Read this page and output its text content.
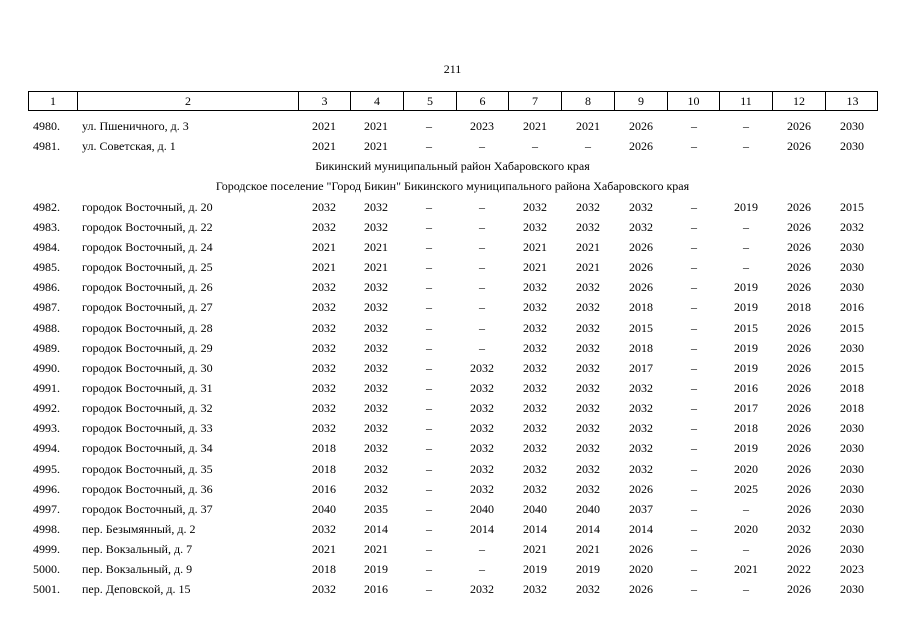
211
1	2	3	4	5	6	7	8	9	10	11	12	13
4980. ул. Пшеничного, д. 3	2021	2021	–	2023	2021	2021	2026	–	–	2026	2030
4981. ул. Советская, д. 1	2021	2021	–	–	–	–	2026	–	–	2026	2030
Бикинский муниципальный район Хабаровского края
Городское поселение "Город Бикин" Бикинского муниципального района Хабаровского края
4982. городок Восточный, д. 20	2032	2032	–	–	2032	2032	2032	–	2019	2026	2015
4983. городок Восточный, д. 22	2032	2032	–	–	2032	2032	2032	–	–	2026	2032
4984. городок Восточный, д. 24	2021	2021	–	–	2021	2021	2026	–	–	2026	2030
4985. городок Восточный, д. 25	2021	2021	–	–	2021	2021	2026	–	–	2026	2030
4986. городок Восточный, д. 26	2032	2032	–	–	2032	2032	2026	–	2019	2026	2030
4987. городок Восточный, д. 27	2032	2032	–	–	2032	2032	2018	–	2019	2018	2016
4988. городок Восточный, д. 28	2032	2032	–	–	2032	2032	2015	–	2015	2026	2015
4989. городок Восточный, д. 29	2032	2032	–	–	2032	2032	2018	–	2019	2026	2030
4990. городок Восточный, д. 30	2032	2032	–	2032	2032	2032	2017	–	2019	2026	2015
4991. городок Восточный, д. 31	2032	2032	–	2032	2032	2032	2032	–	2016	2026	2018
4992. городок Восточный, д. 32	2032	2032	–	2032	2032	2032	2032	–	2017	2026	2018
4993. городок Восточный, д. 33	2032	2032	–	2032	2032	2032	2032	–	2018	2026	2030
4994. городок Восточный, д. 34	2018	2032	–	2032	2032	2032	2032	–	2019	2026	2030
4995. городок Восточный, д. 35	2018	2032	–	2032	2032	2032	2032	–	2020	2026	2030
4996. городок Восточный, д. 36	2016	2032	–	2032	2032	2032	2026	–	2025	2026	2030
4997. городок Восточный, д. 37	2040	2035	–	2040	2040	2040	2037	–	–	2026	2030
4998. пер. Безымянный, д. 2	2032	2014	–	2014	2014	2014	2014	–	2020	2032	2030
4999. пер. Вокзальный, д. 7	2021	2021	–	–	2021	2021	2026	–	–	2026	2030
5000. пер. Вокзальный, д. 9	2018	2019	–	–	2019	2019	2020	–	2021	2022	2023
5001. пер. Деповской, д. 15	2032	2016	–	2032	2032	2032	2026	–	–	2026	2030
